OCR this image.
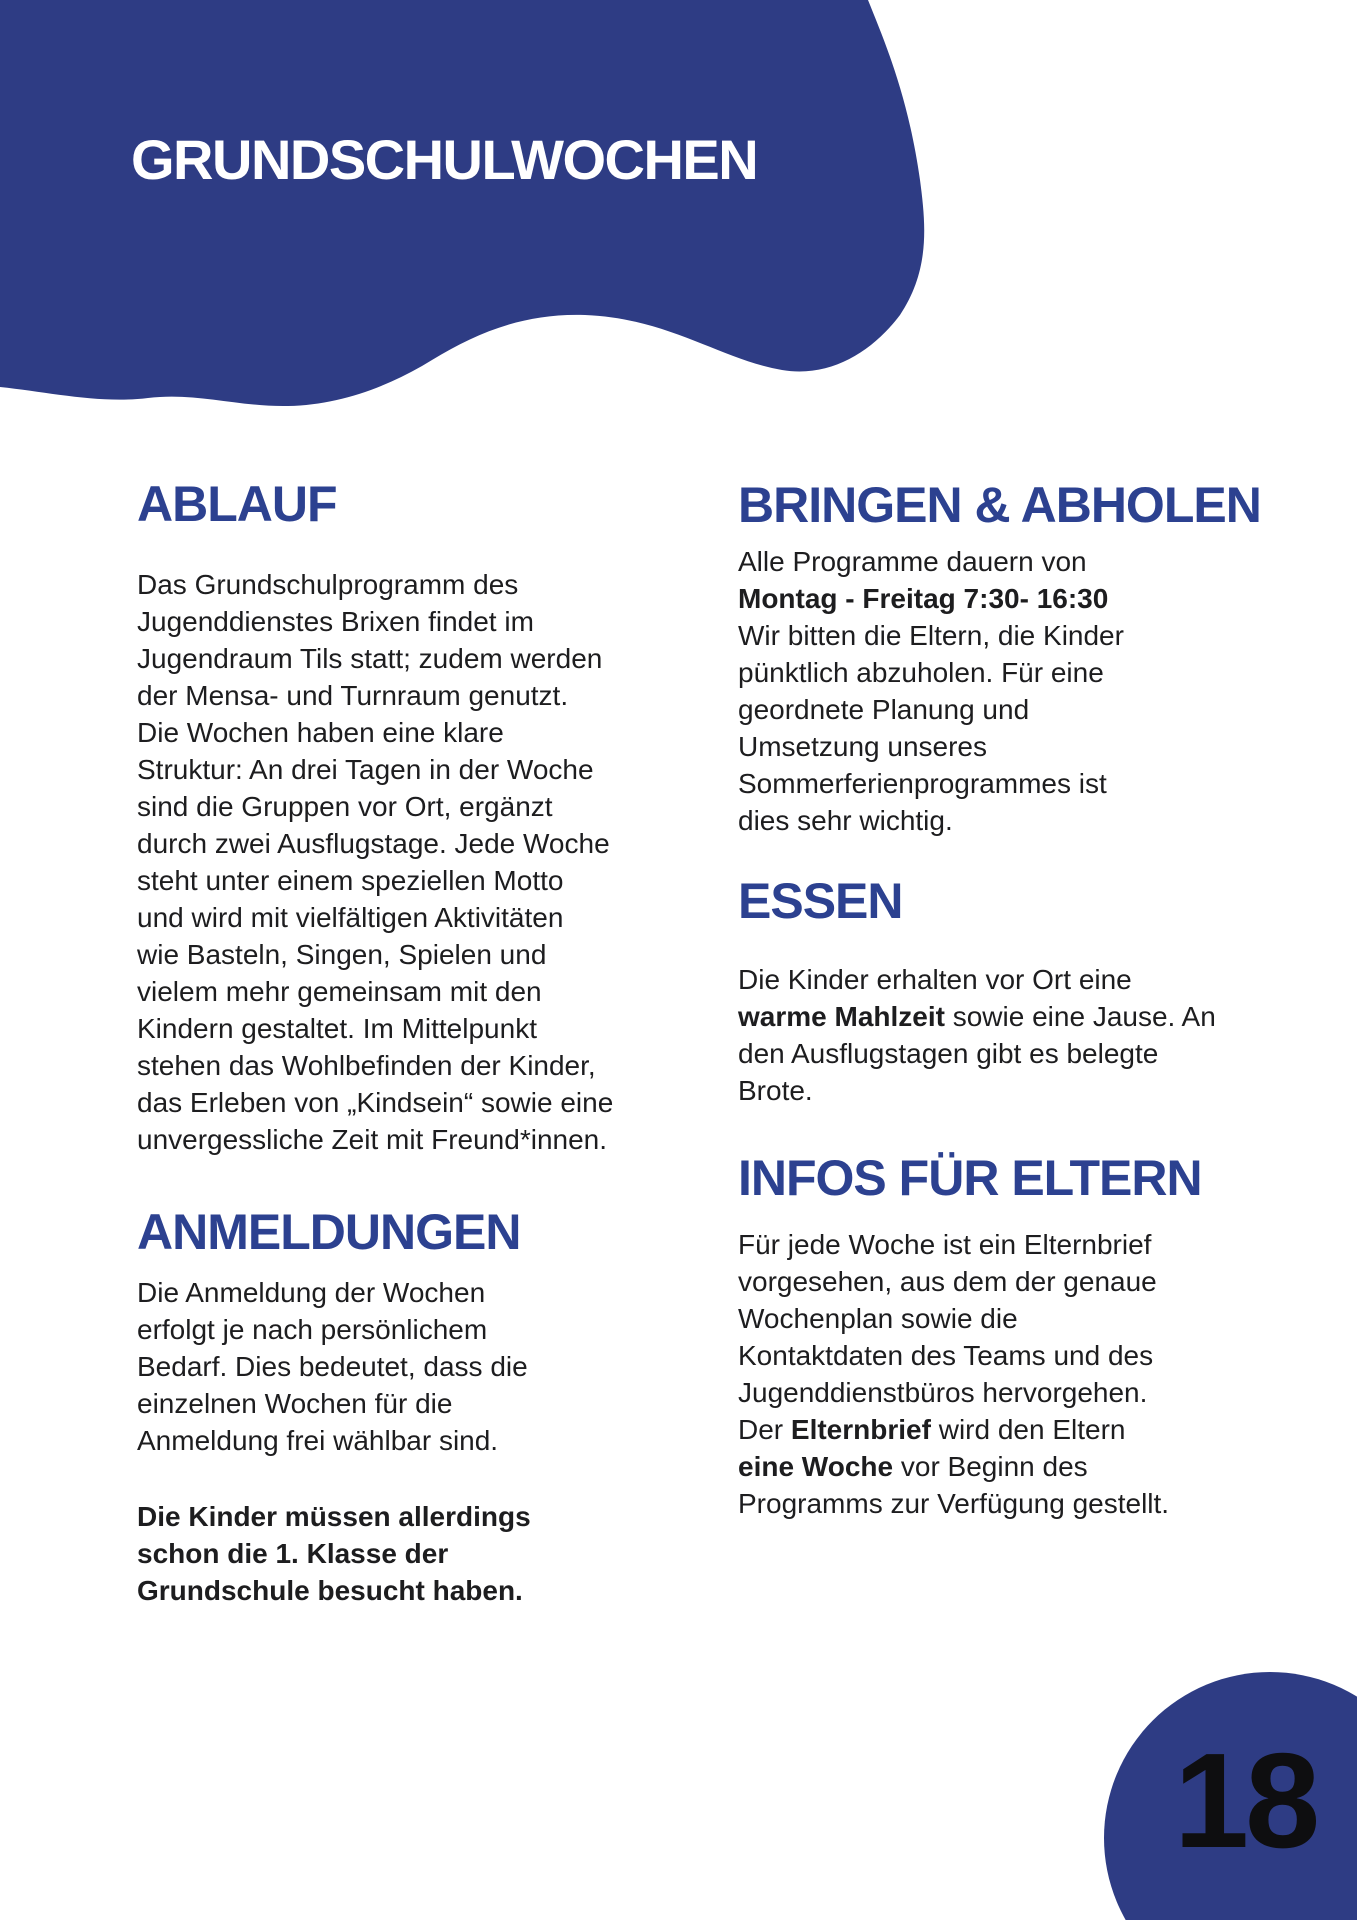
GRUNDSCHULWOCHEN
ABLAUF
Das Grundschulprogramm des
Jugenddienstes Brixen findet im
Jugendraum Tils statt; zudem werden
der Mensa- und Turnraum genutzt.
Die Wochen haben eine klare
Struktur: An drei Tagen in der Woche
sind die Gruppen vor Ort, ergänzt
durch zwei Ausflugstage. Jede Woche
steht unter einem speziellen Motto
und wird mit vielfältigen Aktivitäten
wie Basteln, Singen, Spielen und
vielem mehr gemeinsam mit den
Kindern gestaltet. Im Mittelpunkt
stehen das Wohlbefinden der Kinder,
das Erleben von „Kindsein“ sowie eine
unvergessliche Zeit mit Freund*innen.
ANMELDUNGEN
Die Anmeldung der Wochen
erfolgt je nach persönlichem
Bedarf. Dies bedeutet, dass die
einzelnen Wochen für die
Anmeldung frei wählbar sind.
Die Kinder müssen allerdings
schon die 1. Klasse der
Grundschule besucht haben.
BRINGEN & ABHOLEN
Alle Programme dauern von
Montag - Freitag 7:30- 16:30
Wir bitten die Eltern, die Kinder
pünktlich abzuholen. Für eine
geordnete Planung und
Umsetzung unseres
Sommerferienprogrammes ist
dies sehr wichtig.
ESSEN
Die Kinder erhalten vor Ort eine
warme Mahlzeit sowie eine Jause. An
den Ausflugstagen gibt es belegte
Brote.
INFOS FÜR ELTERN
Für jede Woche ist ein Elternbrief
vorgesehen, aus dem der genaue
Wochenplan sowie die
Kontaktdaten des Teams und des
Jugenddienstbüros hervorgehen.
Der Elternbrief wird den Eltern
eine Woche vor Beginn des
Programms zur Verfügung gestellt.
18
